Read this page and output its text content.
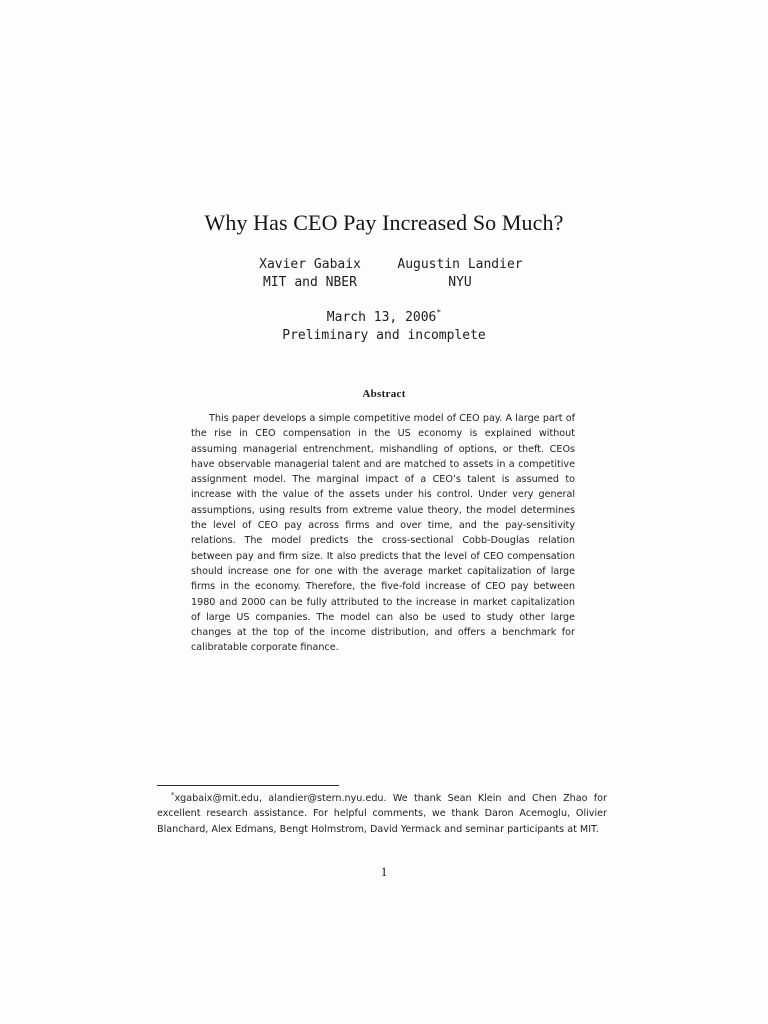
Why Has CEO Pay Increased So Much?
Xavier Gabaix
MIT and NBER
Augustin Landier
NYU
March 13, 2006*
Preliminary and incomplete
Abstract

This paper develops a simple competitive model of CEO pay. A large part of the rise in CEO compensation in the US economy is explained without assuming managerial entrenchment, mishandling of options, or theft. CEOs have observable managerial talent and are matched to assets in a competitive assignment model. The marginal impact of a CEO’s talent is assumed to increase with the value of the assets under his control. Under very general assumptions, using results from extreme value theory, the model determines the level of CEO pay across firms and over time, and the pay-sensitivity relations. The model predicts the cross-sectional Cobb-Douglas relation between pay and firm size. It also predicts that the level of CEO compensation should increase one for one with the average market capitalization of large firms in the economy. Therefore, the five-fold increase of CEO pay between 1980 and 2000 can be fully attributed to the increase in market capitalization of large US companies. The model can also be used to study other large changes at the top of the income distribution, and offers a benchmark for calibratable corporate finance.

*xgabaix@mit.edu, alandier@stern.nyu.edu. We thank Sean Klein and Chen Zhao for excellent research assistance. For helpful comments, we thank Daron Acemoglu, Olivier Blanchard, Alex Edmans, Bengt Holmstrom, David Yermack and seminar participants at MIT.

1
